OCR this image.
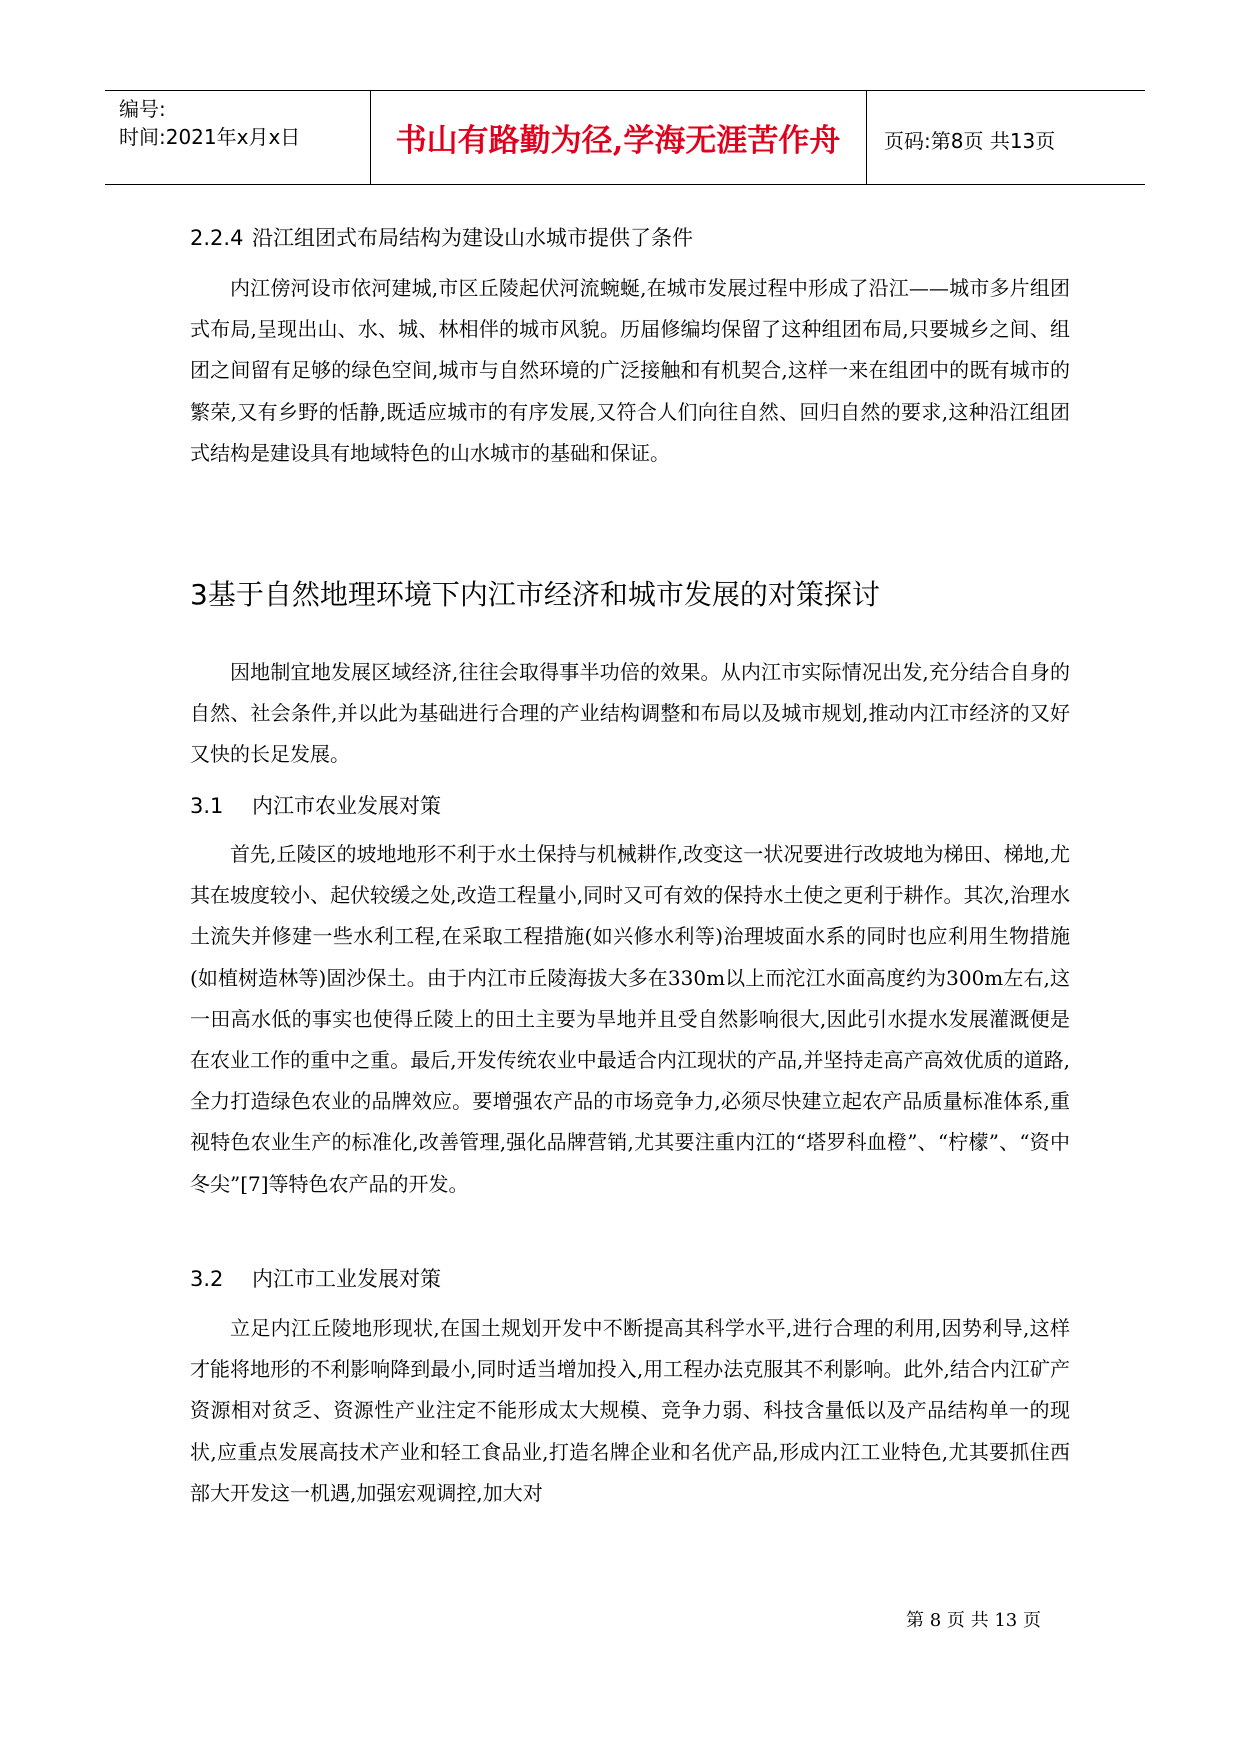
编号:
时间:2021年x月x日	书山有路勤为径,学海无涯苦作舟	页码:第8页 共13页
2.2.4 沿江组团式布局结构为建设山水城市提供了条件
内江傍河设市依河建城,市区丘陵起伏河流蜿蜒,在城市发展过程中形成了沿江——城市多片组团式布局,呈现出山、水、城、林相伴的城市风貌。历届修编均保留了这种组团布局,只要城乡之间、组团之间留有足够的绿色空间,城市与自然环境的广泛接触和有机契合,这样一来在组团中的既有城市的繁荣,又有乡野的恬静,既适应城市的有序发展,又符合人们向往自然、回归自然的要求,这种沿江组团式结构是建设具有地域特色的山水城市的基础和保证。
3基于自然地理环境下内江市经济和城市发展的对策探讨
因地制宜地发展区域经济,往往会取得事半功倍的效果。从内江市实际情况出发,充分结合自身的自然、社会条件,并以此为基础进行合理的产业结构调整和布局以及城市规划,推动内江市经济的又好又快的长足发展。
3.1 内江市农业发展对策
首先,丘陵区的坡地地形不利于水土保持与机械耕作,改变这一状况要进行改坡地为梯田、梯地,尤其在坡度较小、起伏较缓之处,改造工程量小,同时又可有效的保持水土使之更利于耕作。其次,治理水土流失并修建一些水利工程,在采取工程措施(如兴修水利等)治理坡面水系的同时也应利用生物措施(如植树造林等)固沙保土。由于内江市丘陵海拔大多在330m以上而沱江水面高度约为300m左右,这一田高水低的事实也使得丘陵上的田土主要为旱地并且受自然影响很大,因此引水提水发展灌溉便是在农业工作的重中之重。最后,开发传统农业中最适合内江现状的产品,并坚持走高产高效优质的道路,全力打造绿色农业的品牌效应。要增强农产品的市场竞争力,必须尽快建立起农产品质量标准体系,重视特色农业生产的标准化,改善管理,强化品牌营销,尤其要注重内江的“塔罗科血橙”、“柠檬”、“资中冬尖”[7]等特色农产品的开发。
3.2 内江市工业发展对策
立足内江丘陵地形现状,在国土规划开发中不断提高其科学水平,进行合理的利用,因势利导,这样才能将地形的不利影响降到最小,同时适当增加投入,用工程办法克服其不利影响。此外,结合内江矿产资源相对贫乏、资源性产业注定不能形成太大规模、竞争力弱、科技含量低以及产品结构单一的现状,应重点发展高技术产业和轻工食品业,打造名牌企业和名优产品,形成内江工业特色,尤其要抓住西部大开发这一机遇,加强宏观调控,加大对
第 8 页 共 13 页
